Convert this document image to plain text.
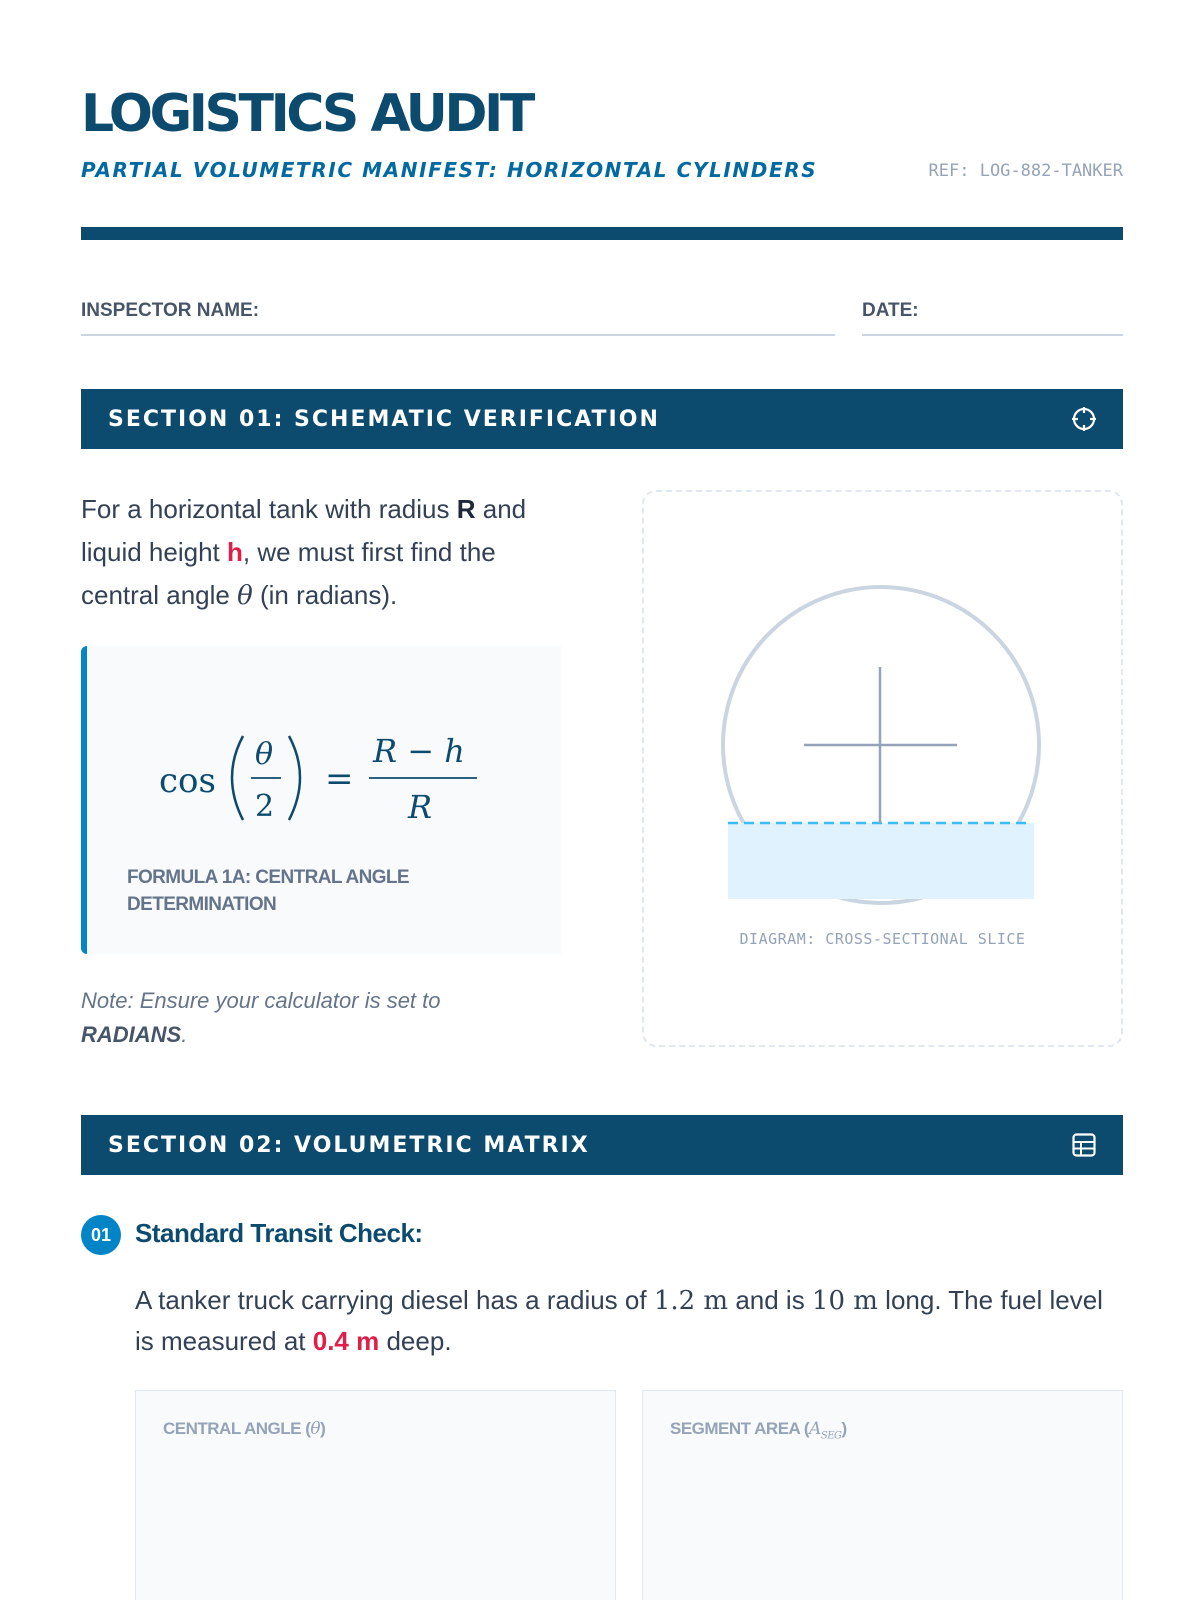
LOGISTICS AUDIT
PARTIAL VOLUMETRIC MANIFEST: HORIZONTAL CYLINDERS	REF: LOG-882-TANKER
INSPECTOR NAME:	DATE:
SECTION 01: SCHEMATIC VERIFICATION

For a horizontal tank with radius R and liquid height h, we must first find the central angle θ (in radians).

cos
θ
2
=
R − h
R
FORMULA 1A: CENTRAL ANGLE DETERMINATION

Note: Ensure your calculator is set to RADIANS.

DIAGRAM: CROSS-SECTIONAL SLICE
SECTION 02: VOLUMETRIC MATRIX
01 Standard Transit Check:

A tanker truck carrying diesel has a radius of 1.2 m and is 10 m long. The fuel level is measured at 0.4 m deep.

CENTRAL ANGLE (θ)	SEGMENT AREA $(A_{SEG})$
